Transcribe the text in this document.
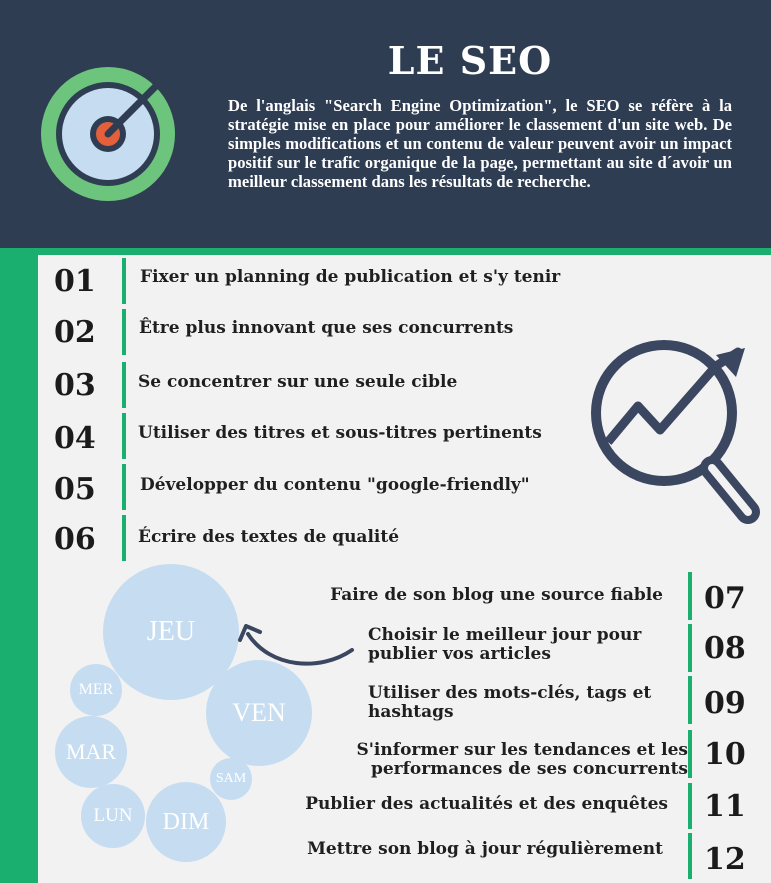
LE SEO

De l'anglais "Search Engine Optimization", le SEO se réfère à la stratégie mise en place pour améliorer le classement d'un site web. De simples modifications et un contenu de valeur peuvent avoir un impact positif sur le trafic organique de la page, permettant au site d´avoir un meilleur classement dans les résultats de recherche.

01	Fixer un planning de publication et s'y tenir
02	Être plus innovant que ses concurrents
03 Se concentrer sur une seule cible
04 Utiliser des titres et sous-titres pertinents
05	Développer du contenu "google-friendly"
06 Écrire des textes de qualité
JEU
VEN
MER
MAR
SAM
LUN	DIM
Faire de son blog une source fiable 07
Choisir le meilleur jour pour publier vos articles	08
Utiliser des mots-clés, tags et hashtags	09
S'informer sur les tendances et les performances de ses concurrents 10
Publier des actualités et des enquêtes 11
Mettre son blog à jour régulièrement 12
